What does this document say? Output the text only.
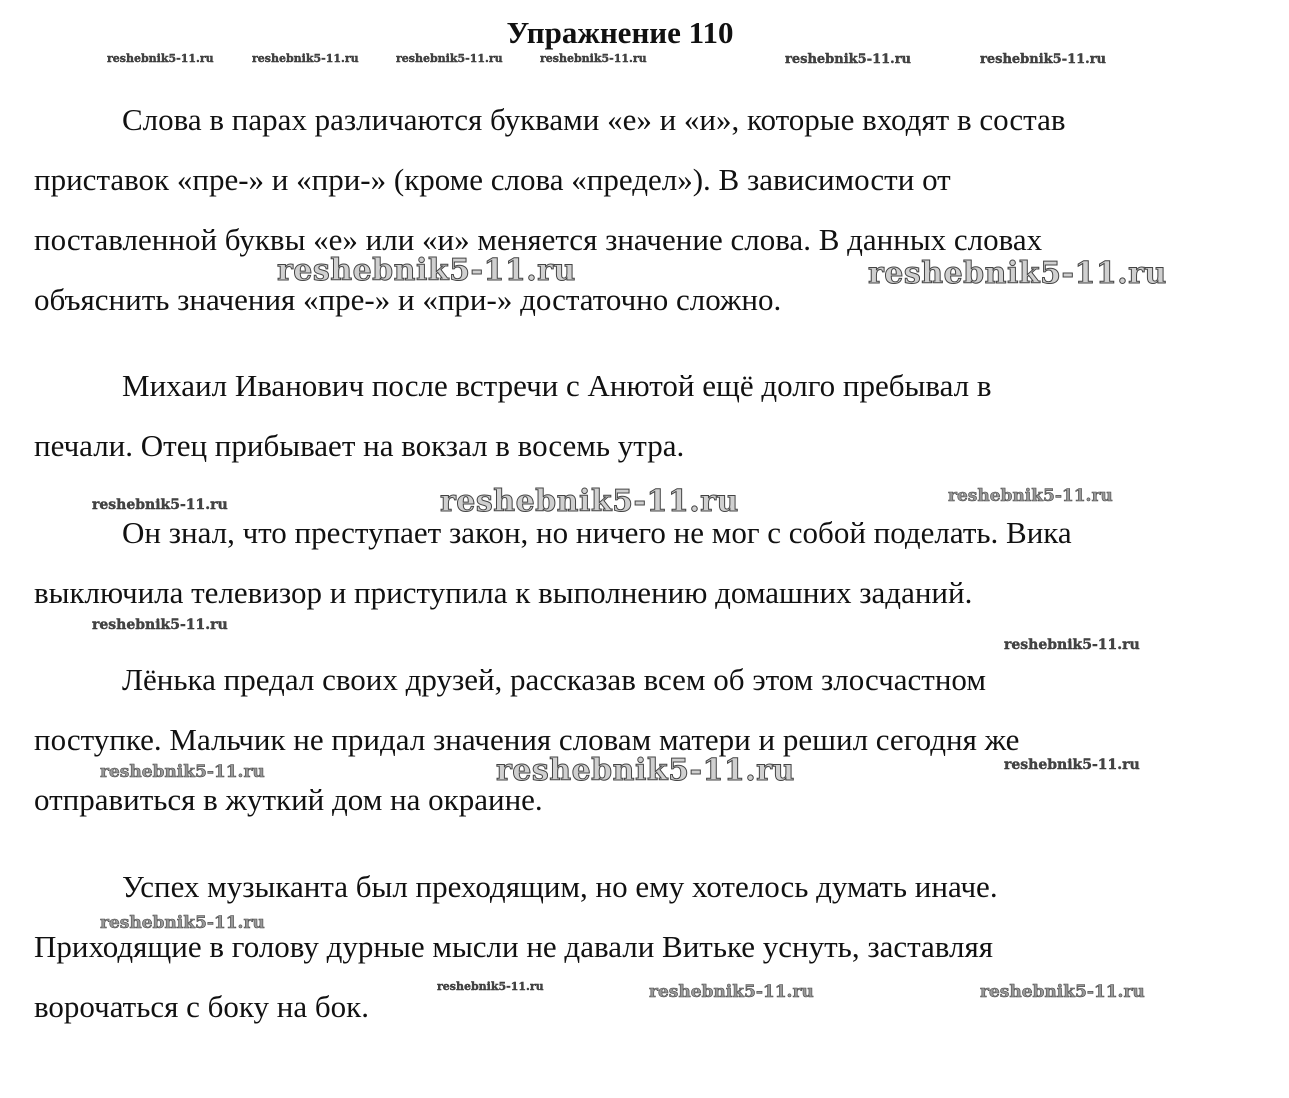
Упражнение 110

Слова в парах различаются буквами «е» и «и», которые входят в состав
приставок «пре-» и «при-» (кроме слова «предел»). В зависимости от
поставленной буквы «е» или «и» меняется значение слова. В данных словах
объяснить значения «пре-» и «при-» достаточно сложно.

Михаил Иванович после встречи с Анютой ещё долго пребывал в
печали. Отец прибывает на вокзал в восемь утра.

Он знал, что преступает закон, но ничего не мог с собой поделать. Вика
выключила телевизор и приступила к выполнению домашних заданий.

Лёнька предал своих друзей, рассказав всем об этом злосчастном
поступке. Мальчик не придал значения словам матери и решил сегодня же
отправиться в жуткий дом на окраине.

Успех музыканта был преходящим, но ему хотелось думать иначе.
Приходящие в голову дурные мысли не давали Витьке уснуть, заставляя
ворочаться с боку на бок.

reshebnik5-11.ru	reshebnik5-11.ru	reshebnik5-11.ru	reshebnik5-11.ru	reshebnik5-11.ru	reshebnik5-11.ru
reshebnik5-11.ru	reshebnik5-11.ru
reshebnik5-11.ru	reshebnik5-11.ru	reshebnik5-11.ru
reshebnik5-11.ru
reshebnik5-11.ru
reshebnik5-11.ru	reshebnik5-11.ru	reshebnik5-11.ru
reshebnik5-11.ru
reshebnik5-11.ru	reshebnik5-11.ru	reshebnik5-11.ru
